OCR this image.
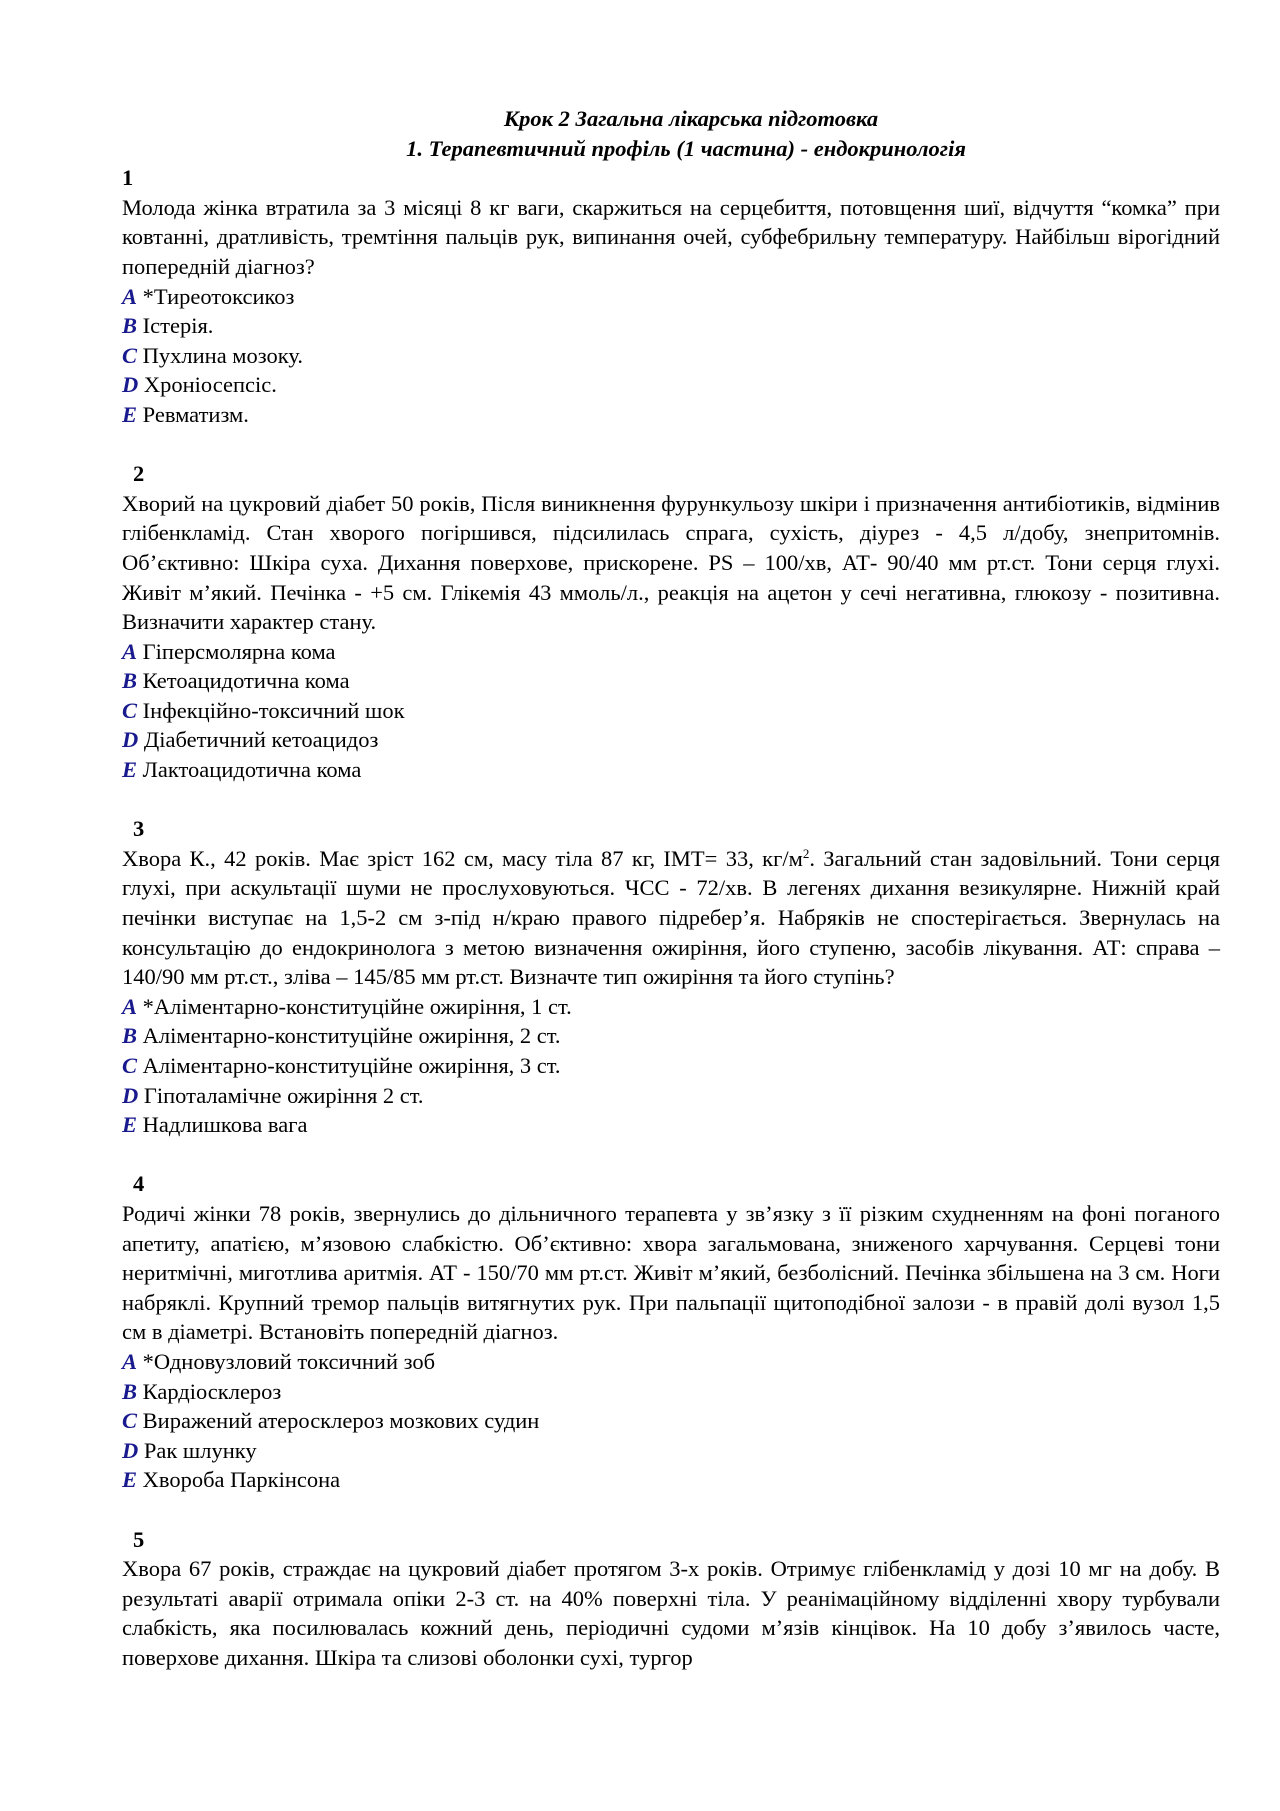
Крок 2 Загальна лікарська підготовка

1. Терапевтичний профіль (1 частина) - ендокринологія

1

Молода жінка втратила за 3 місяці 8 кг ваги, скаржиться на серцебиття, потовщення шиї, відчуття “комка” при ковтанні, дратливість, тремтіння пальців рук, випинання очей, субфебрильну температуру. Найбільш вірогідний попередній діагноз?

A *Тиреотоксикоз

B Істерія.

C Пухлина мозоку.

D Хроніосепсіс.

E Ревматизм.

2

Хворий на цукровий діабет 50 років, Після виникнення фурункульозу шкіри і призначення антибіотиків, відмінив глібенкламід. Стан хворого погіршився, підсилилась спрага, сухість, діурез - 4,5 л/добу, знепритомнів. Об’єктивно: Шкіра суха. Дихання поверхове, прискорене. PS – 100/хв, АТ- 90/40 мм рт.ст. Тони серця глухі. Живіт м’який. Печінка - +5 см. Глікемія 43 ммоль/л., реакція на ацетон у сечі негативна, глюкозу - позитивна. Визначити характер стану.

A Гіперсмолярна кома

B Кетоацидотична кома

C Інфекційно-токсичний шок

D Діабетичний кетоацидоз

E Лактоацидотична кома

3

Хвора К., 42 років. Має зріст 162 см, масу тіла 87 кг, ІМТ= 33, $кг/м^2$. Загальний стан задовільний. Тони серця глухі, при аскультації шуми не прослуховуються. ЧСС - 72/хв. В легенях дихання везикулярне. Нижній край печінки виступає на 1,5-2 см з-під н/краю правого підребер’я. Набряків не спостерігається. Звернулась на консультацію до ендокринолога з метою визначення ожиріння, його ступеню, засобів лікування. АТ: справа – 140/90 мм рт.ст., зліва – 145/85 мм рт.ст. Визначте тип ожиріння та його ступінь?

A *Аліментарно-конституційне ожиріння, 1 ст.

B Аліментарно-конституційне ожиріння, 2 ст.

C Аліментарно-конституційне ожиріння, 3 ст.

D Гіпоталамічне ожиріння 2 ст.

E Надлишкова вага

4

Родичі жінки 78 років, звернулись до дільничного терапевта у зв’язку з її різким схудненням на фоні поганого апетиту, апатією, м’язовою слабкістю. Об’єктивно: хвора загальмована, зниженого харчування. Серцеві тони неритмічні, миготлива аритмія. АТ - 150/70 мм рт.ст. Живіт м’який, безболісний. Печінка збільшена на 3 см. Ноги набряклі. Крупний тремор пальців витягнутих рук. При пальпації щитоподібної залози - в правій долі вузол 1,5 см в діаметрі. Встановіть попередній діагноз.

A *Одновузловий токсичний зоб

B Кардіосклероз

C Виражений атеросклероз мозкових судин

D Рак шлунку

E Хвороба Паркінсона

5

Хвора 67 років, страждає на цукровий діабет протягом 3-х років. Отримує глібенкламід у дозі 10 мг на добу. В результаті аварії отримала опіки 2-3 ст. на 40% поверхні тіла. У реанімаційному відділенні хвору турбували слабкість, яка посилювалась кожний день, періодичні судоми м’язів кінцівок. На 10 добу з’явилось часте, поверхове дихання. Шкіра та слизові оболонки сухі, тургор
